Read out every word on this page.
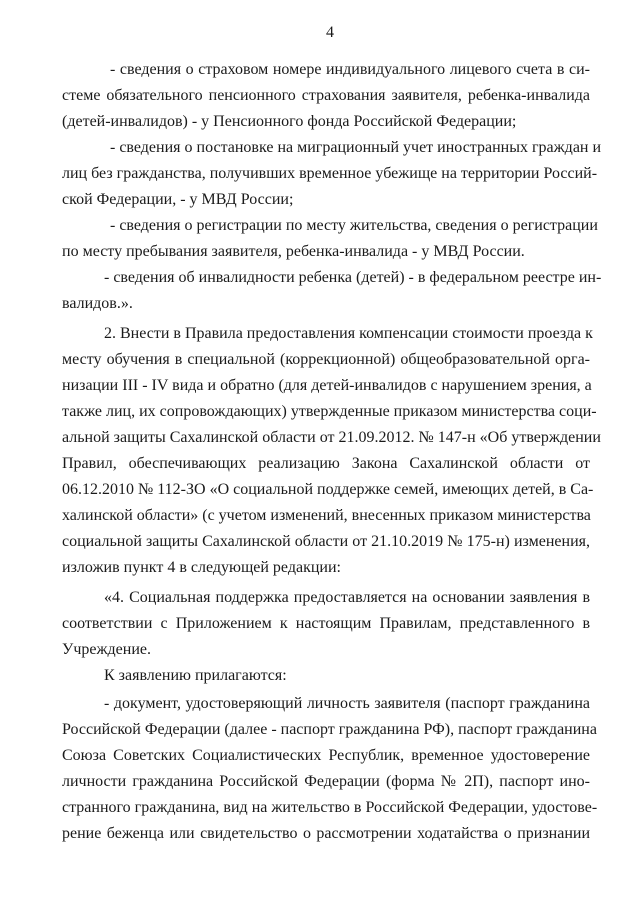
4
- сведения о страховом номере индивидуального лицевого счета в си-
стеме обязательного пенсионного страхования заявителя, ребенка-инвалида
(детей-инвалидов) - у Пенсионного фонда Российской Федерации;
- сведения о постановке на миграционный учет иностранных граждан и
лиц без гражданства, получивших временное убежище на территории Россий-
ской Федерации, - у МВД России;
- сведения о регистрации по месту жительства, сведения о регистрации
по месту пребывания заявителя, ребенка-инвалида - у МВД России.
- сведения об инвалидности ребенка (детей) - в федеральном реестре ин-
валидов.».
2. Внести в Правила предоставления компенсации стоимости проезда к
месту обучения в специальной (коррекционной) общеобразовательной орга-
низации III - IV вида и обратно (для детей-инвалидов с нарушением зрения, а
также лиц, их сопровождающих) утвержденные приказом министерства соци-
альной защиты Сахалинской области от 21.09.2012. № 147-н «Об утверждении
Правил, обеспечивающих реализацию Закона Сахалинской области от
06.12.2010 № 112-ЗО «О социальной поддержке семей, имеющих детей, в Са-
халинской области» (с учетом изменений, внесенных приказом министерства
социальной защиты Сахалинской области от 21.10.2019 № 175-н) изменения,
изложив пункт 4 в следующей редакции:
«4. Социальная поддержка предоставляется на основании заявления в
соответствии с Приложением к настоящим Правилам, представленного в
Учреждение.
К заявлению прилагаются:
- документ, удостоверяющий личность заявителя (паспорт гражданина
Российской Федерации (далее - паспорт гражданина РФ), паспорт гражданина
Союза Советских Социалистических Республик, временное удостоверение
личности гражданина Российской Федерации (форма № 2П), паспорт ино-
странного гражданина, вид на жительство в Российской Федерации, удостове-
рение беженца или свидетельство о рассмотрении ходатайства о признании
